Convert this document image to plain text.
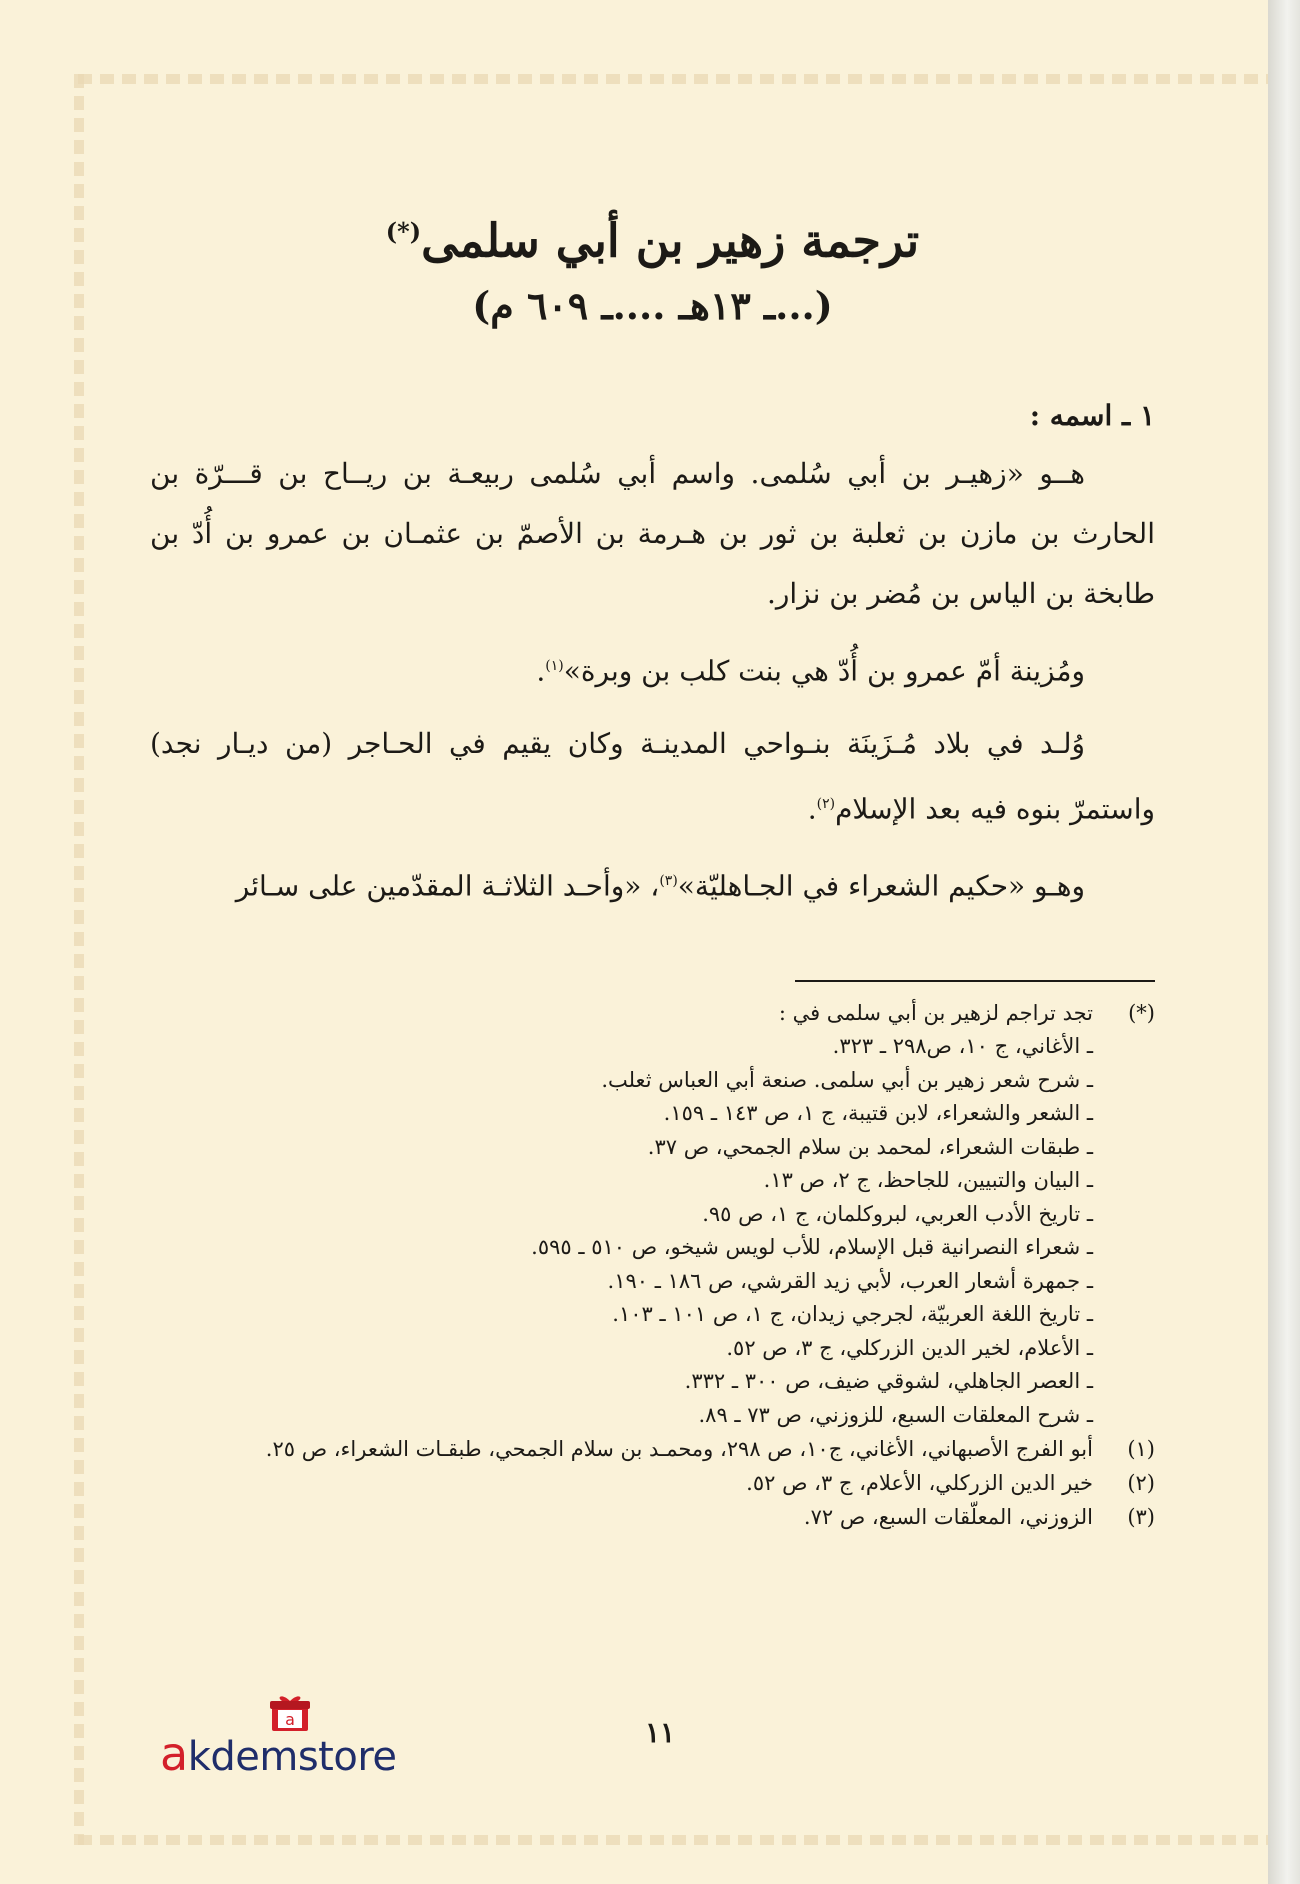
ترجمة زهير بن أبي سلمى(*)
(...ـ ١٣هـ ....ـ ٦٠٩ م)
١ ـ اسمه :

هــو «زهيـر بن أبي سُلمى. واسم أبي سُلمى ربيعـة بن ريــاح بن قـــرّة بن الحارث بن مازن بن ثعلبة بن ثور بن هـرمة بن الأصمّ بن عثمـان بن عمرو بن أُدّ بن طابخة بن الياس بن مُضر بن نزار.

ومُزينة أمّ عمرو بن أُدّ هي بنت كلب بن وبرة»$^{(١)}$.

وُلـد في بلاد مُـزَينَة بنـواحي المدينـة وكان يقيم في الحـاجر (من ديـار نجد) واستمرّ بنوه فيه بعد الإسلام$^{(٢)}$.

وهـو «حكيم الشعراء في الجـاهليّة»$^{(٣)}$، «وأحـد الثلاثـة المقدّمين على سـائر

(*)
تجد تراجم لزهير بن أبي سلمى في :
ـ الأغاني، ج ١٠، ص٢٩٨ ـ ٣٢٣.
ـ شرح شعر زهير بن أبي سلمى. صنعة أبي العباس ثعلب.
ـ الشعر والشعراء، لابن قتيبة، ج ١، ص ١٤٣ ـ ١٥٩.
ـ طبقات الشعراء، لمحمد بن سلام الجمحي، ص ٣٧.
ـ البيان والتبيين، للجاحظ، ج ٢، ص ١٣.
ـ تاريخ الأدب العربي، لبروكلمان، ج ١، ص ٩٥.
ـ شعراء النصرانية قبل الإسلام، للأب لويس شيخو، ص ٥١٠ ـ ٥٩٥.
ـ جمهرة أشعار العرب، لأبي زيد القرشي، ص ١٨٦ ـ ١٩٠.
ـ تاريخ اللغة العربيّة، لجرجي زيدان، ج ١، ص ١٠١ ـ ١٠٣.
ـ الأعلام، لخير الدين الزركلي، ج ٣، ص ٥٢.
ـ العصر الجاهلي، لشوقي ضيف، ص ٣٠٠ ـ ٣٣٢.
ـ شرح المعلقات السبع، للزوزني، ص ٧٣ ـ ٨٩.
(١)
أبو الفرج الأصبهاني، الأغاني، ج١٠، ص ٢٩٨، ومحمـد بن سلام الجمحي، طبقـات الشعراء، ص ٢٥.
(٢)
خير الدين الزركلي، الأعلام، ج ٣، ص ٥٢.
(٣)
الزوزني، المعلّقات السبع، ص ٧٢.
١١
a
akdemstore
